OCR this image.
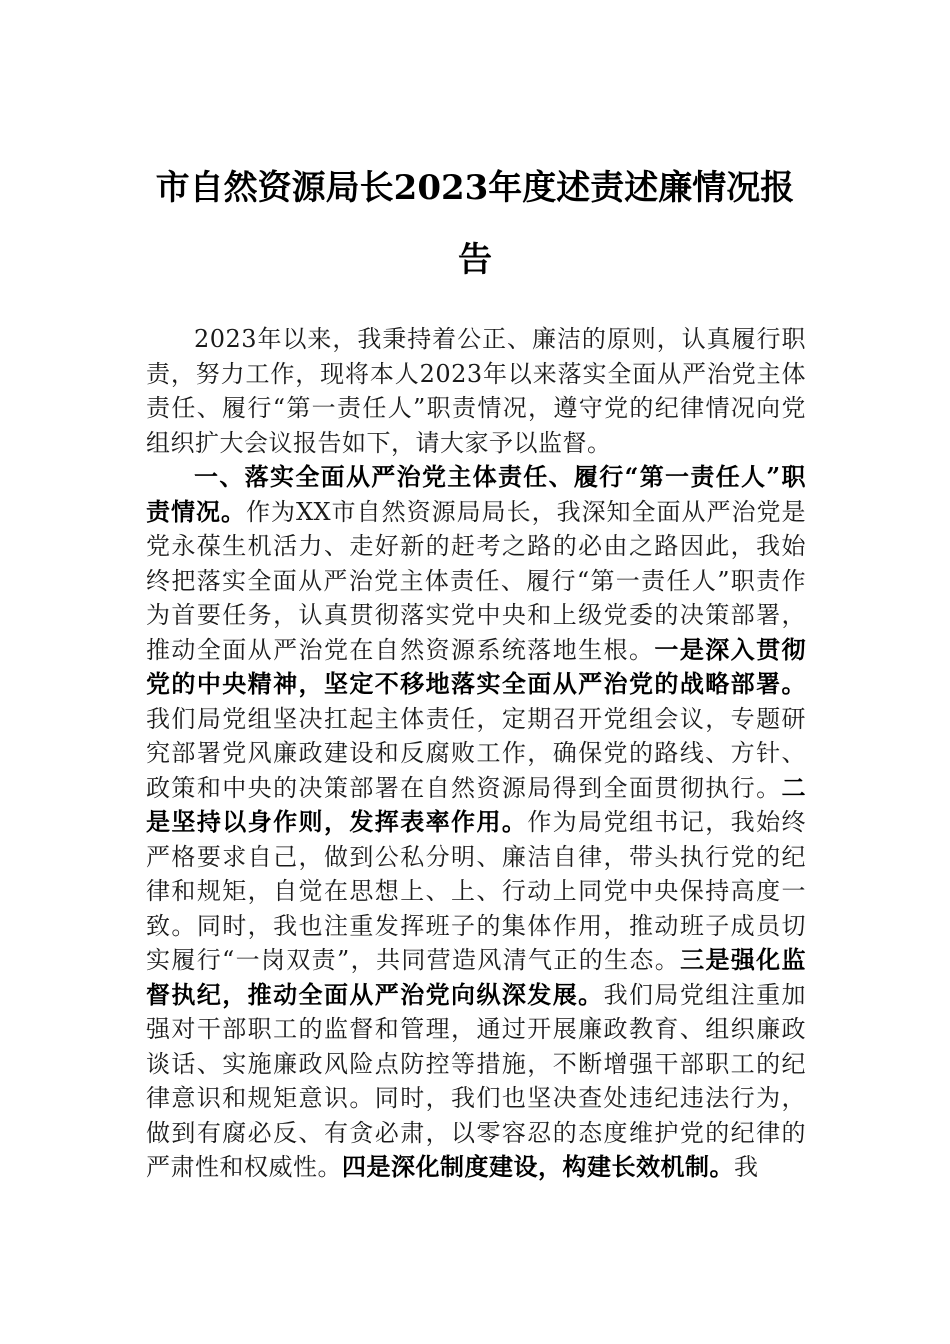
市自然资源局长2023年度述责述廉情况报
告

2023年以来，我秉持着公正、廉洁的原则，认真履行职责，努力工作，现将本人2023年以来落实全面从严治党主体责任、履行“第一责任人”职责情况，遵守党的纪律情况向党组织扩大会议报告如下，请大家予以监督。

一、落实全面从严治党主体责任、履行“第一责任人”职责情况。作为XX市自然资源局局长，我深知全面从严治党是党永葆生机活力、走好新的赶考之路的必由之路因此，我始终把落实全面从严治党主体责任、履行“第一责任人”职责作为首要任务，认真贯彻落实党中央和上级党委的决策部署，推动全面从严治党在自然资源系统落地生根。一是深入贯彻党的中央精神，坚定不移地落实全面从严治党的战略部署。我们局党组坚决扛起主体责任，定期召开党组会议，专题研究部署党风廉政建设和反腐败工作，确保党的路线、方针、政策和中央的决策部署在自然资源局得到全面贯彻执行。二是坚持以身作则，发挥表率作用。作为局党组书记，我始终严格要求自己，做到公私分明、廉洁自律，带头执行党的纪律和规矩，自觉在思想上、上、行动上同党中央保持高度一致。同时，我也注重发挥班子的集体作用，推动班子成员切实履行“一岗双责”，共同营造风清气正的生态。三是强化监督执纪，推动全面从严治党向纵深发展。我们局党组注重加强对干部职工的监督和管理，通过开展廉政教育、组织廉政谈话、实施廉政风险点防控等措施，不断增强干部职工的纪律意识和规矩意识。同时，我们也坚决查处违纪违法行为，做到有腐必反、有贪必肃，以零容忍的态度维护党的纪律的严肃性和权威性。四是深化制度建设，构建长效机制。我
